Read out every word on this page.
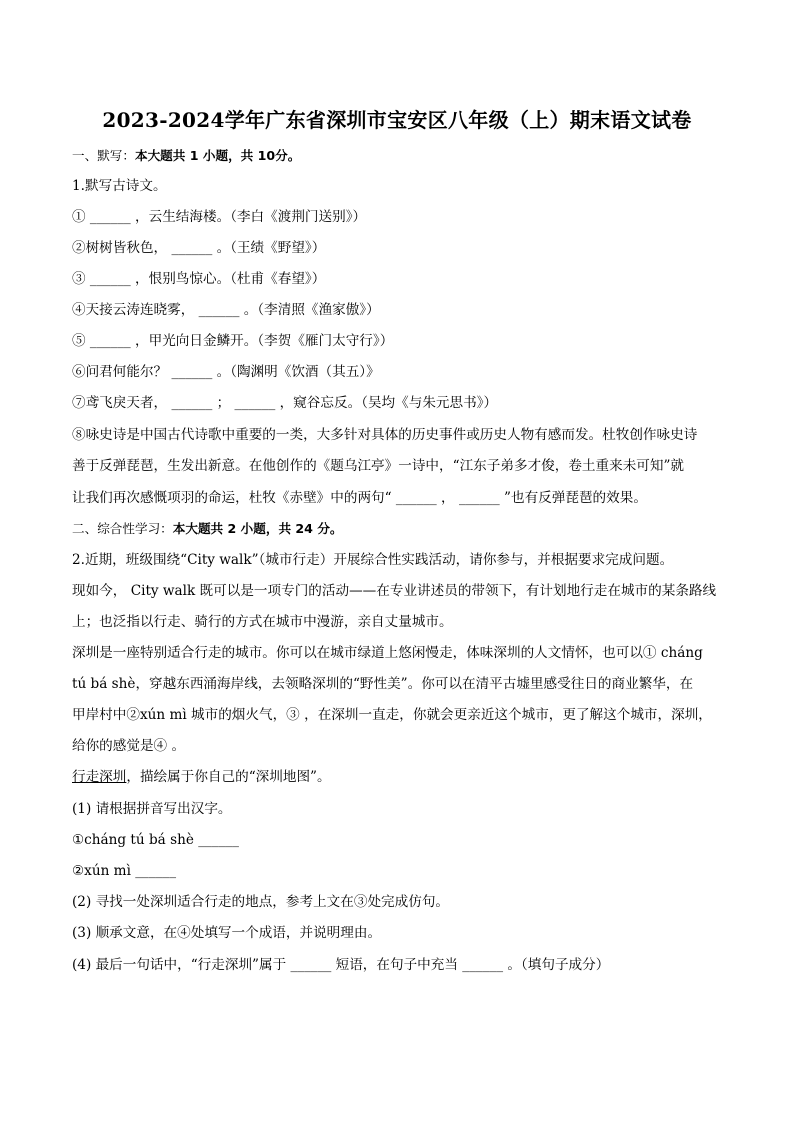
2023-2024学年广东省深圳市宝安区八年级（上）期末语文试卷
一、默写：本大题共 1 小题，共 10分。
1.默写古诗文。
① ______ ，云生结海楼。（李白《渡荆门送别》）
②树树皆秋色， ______ 。（王绩《野望》）
③ ______ ，恨别鸟惊心。（杜甫《春望》）
④天接云涛连晓雾， ______ 。（李清照《渔家傲》）
⑤ ______ ，甲光向日金鳞开。（李贺《雁门太守行》）
⑥问君何能尔？ ______ 。（陶渊明《饮酒（其五）》
⑦鸢飞戾天者， ______ ； ______ ，窥谷忘反。（吴均《与朱元思书》）
⑧咏史诗是中国古代诗歌中重要的一类，大多针对具体的历史事件或历史人物有感而发。杜牧创作咏史诗
善于反弹琵琶，生发出新意。在他创作的《题乌江亭》一诗中，“江东子弟多才俊，卷土重来未可知”就
让我们再次感慨项羽的命运，杜牧《赤壁》中的两句“ ______ ， ______ ”也有反弹琵琶的效果。
二、综合性学习：本大题共 2 小题，共 24 分。
2.近期，班级围绕“City walk”（城市行走）开展综合性实践活动，请你参与，并根据要求完成问题。
现如今， City walk 既可以是一项专门的活动——在专业讲述员的带领下，有计划地行走在城市的某条路线
上；也泛指以行走、骑行的方式在城市中漫游，亲自丈量城市。
深圳是一座特别适合行走的城市。你可以在城市绿道上悠闲慢走，体味深圳的人文情怀，也可以① cháng
tú bá shè，穿越东西涌海岸线，去领略深圳的“野性美”。你可以在清平古墟里感受往日的商业繁华，在
甲岸村中②xún mì 城市的烟火气，③ ，在深圳一直走，你就会更亲近这个城市，更了解这个城市，深圳，
给你的感觉是④ 。
行走深圳，描绘属于你自己的“深圳地图”。
(1) 请根据拼音写出汉字。
①cháng tú bá shè ______
②xún mì ______
(2) 寻找一处深圳适合行走的地点，参考上文在③处完成仿句。
(3) 顺承文意，在④处填写一个成语，并说明理由。
(4) 最后一句话中，“行走深圳”属于 ______ 短语，在句子中充当 ______ 。（填句子成分）
